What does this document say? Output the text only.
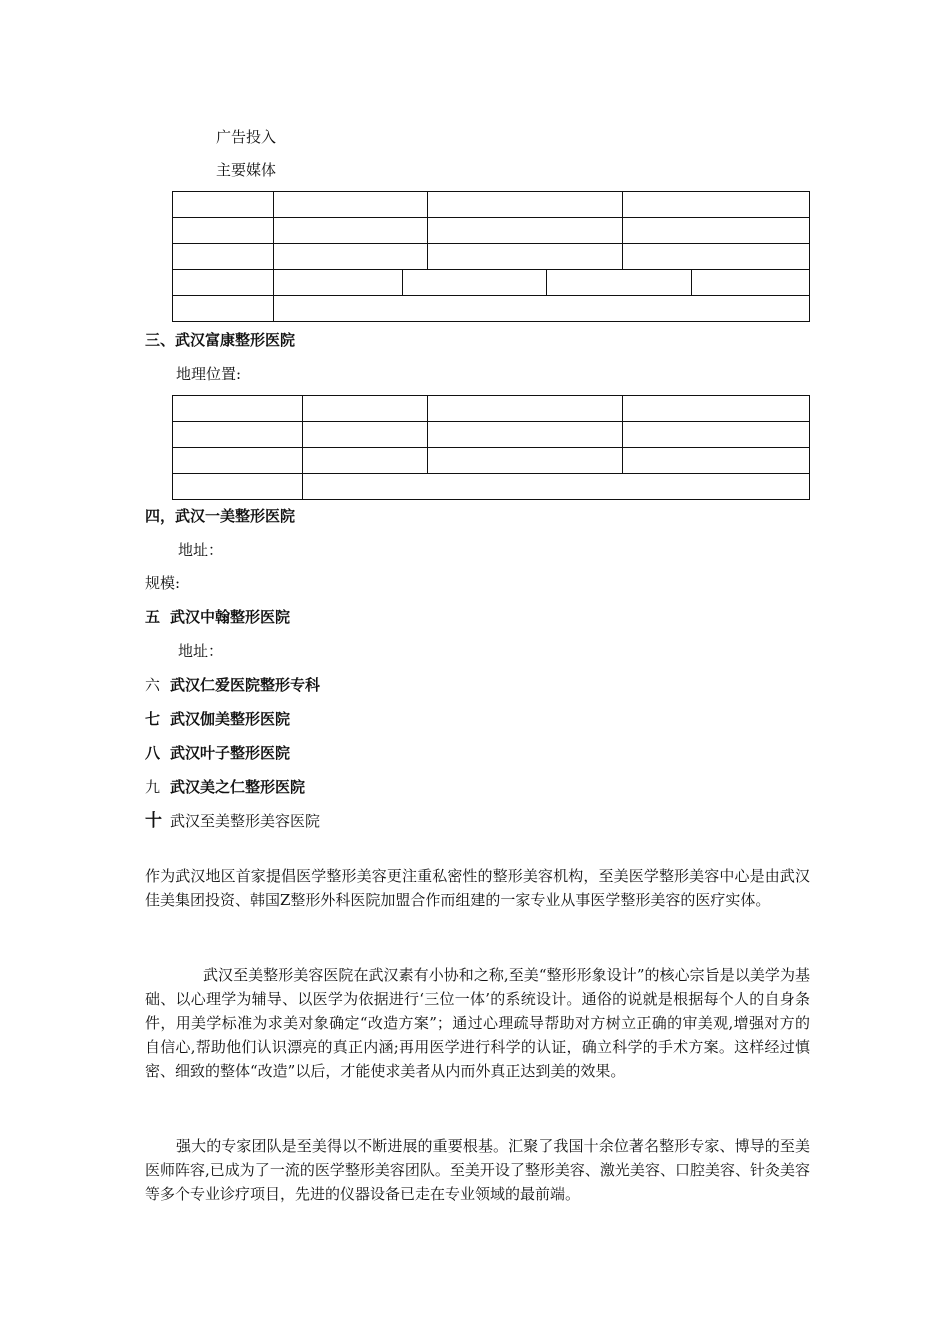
广告投入
主要媒体

三、武汉富康整形医院
地理位置:

四，武汉一美整形医院
地址：
规模:
五 武汉中翰整形医院
地址：
六 武汉仁爱医院整形专科
七 武汉伽美整形医院
八 武汉叶子整形医院
九 武汉美之仁整形医院
十 武汉至美整形美容医院
作为武汉地区首家提倡医学整形美容更注重私密性的整形美容机构，至美医学整形美容中心是由武汉佳美集团投资、韩国Z整形外科医院加盟合作而组建的一家专业从事医学整形美容的医疗实体。
武汉至美整形美容医院在武汉素有小协和之称,至美“整形形象设计”的核心宗旨是以美学为基础、以心理学为辅导、以医学为依据进行‘三位一体’的系统设计。通俗的说就是根据每个人的自身条件，用美学标准为求美对象确定“改造方案”；通过心理疏导帮助对方树立正确的审美观,增强对方的自信心,帮助他们认识漂亮的真正内涵;再用医学进行科学的认证，确立科学的手术方案。这样经过慎密、细致的整体“改造”以后，才能使求美者从内而外真正达到美的效果。
强大的专家团队是至美得以不断进展的重要根基。汇聚了我国十余位著名整形专家、博导的至美医师阵容,已成为了一流的医学整形美容团队。至美开设了整形美容、激光美容、口腔美容、针灸美容等多个专业诊疗项目，先进的仪器设备已走在专业领域的最前端。
